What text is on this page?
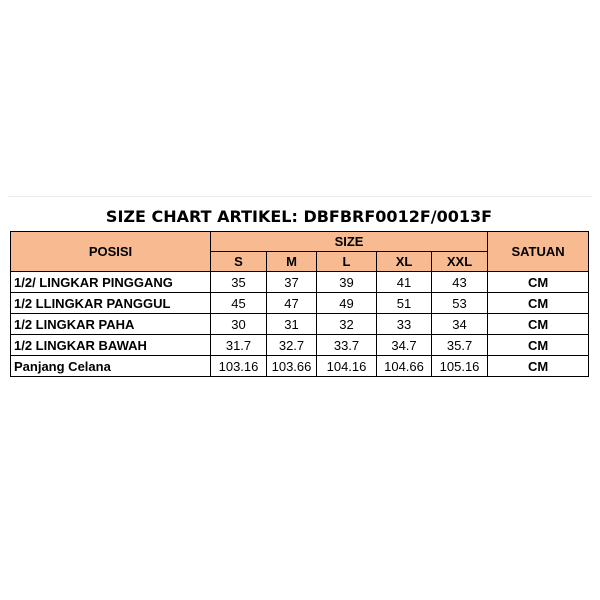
SIZE CHART ARTIKEL: DBFBRF0012F/0013F
POSISI	SIZE					SATUAN
	S	M	L	XL	XXL	
1/2/ LINGKAR PINGGANG	35	37	39	41	43	CM
1/2 LLINGKAR PANGGUL	45	47	49	51	53	CM
1/2 LINGKAR PAHA	30	31	32	33	34	CM
1/2 LINGKAR BAWAH	31.7	32.7	33.7	34.7	35.7	CM
Panjang Celana	103.16	103.66	104.16	104.66	105.16	CM
